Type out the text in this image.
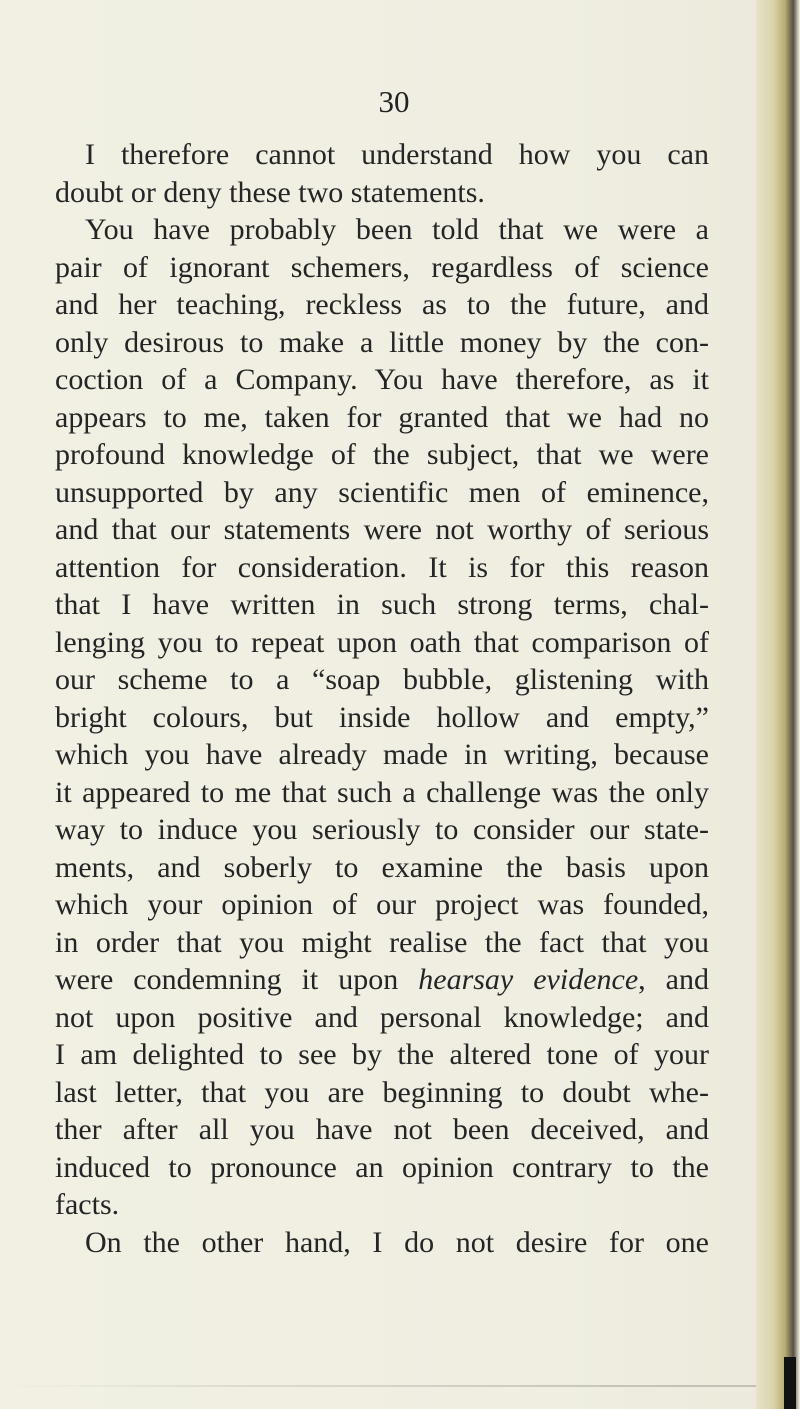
30
I therefore cannot understand how you can
doubt or deny these two statements.
You have probably been told that we were a
pair of ignorant schemers, regardless of science
and her teaching, reckless as to the future, and
only desirous to make a little money by the con-
coction of a Company. You have therefore, as it
appears to me, taken for granted that we had no
profound knowledge of the subject, that we were
unsupported by any scientific men of eminence,
and that our statements were not worthy of serious
attention for consideration. It is for this reason
that I have written in such strong terms, chal-
lenging you to repeat upon oath that comparison of
our scheme to a “soap bubble, glistening with
bright colours, but inside hollow and empty,”
which you have already made in writing, because
it appeared to me that such a challenge was the only
way to induce you seriously to consider our state-
ments, and soberly to examine the basis upon
which your opinion of our project was founded,
in order that you might realise the fact that you
were condemning it upon hearsay evidence, and
not upon positive and personal knowledge; and
I am delighted to see by the altered tone of your
last letter, that you are beginning to doubt whe-
ther after all you have not been deceived, and
induced to pronounce an opinion contrary to the
facts.
On the other hand, I do not desire for one
